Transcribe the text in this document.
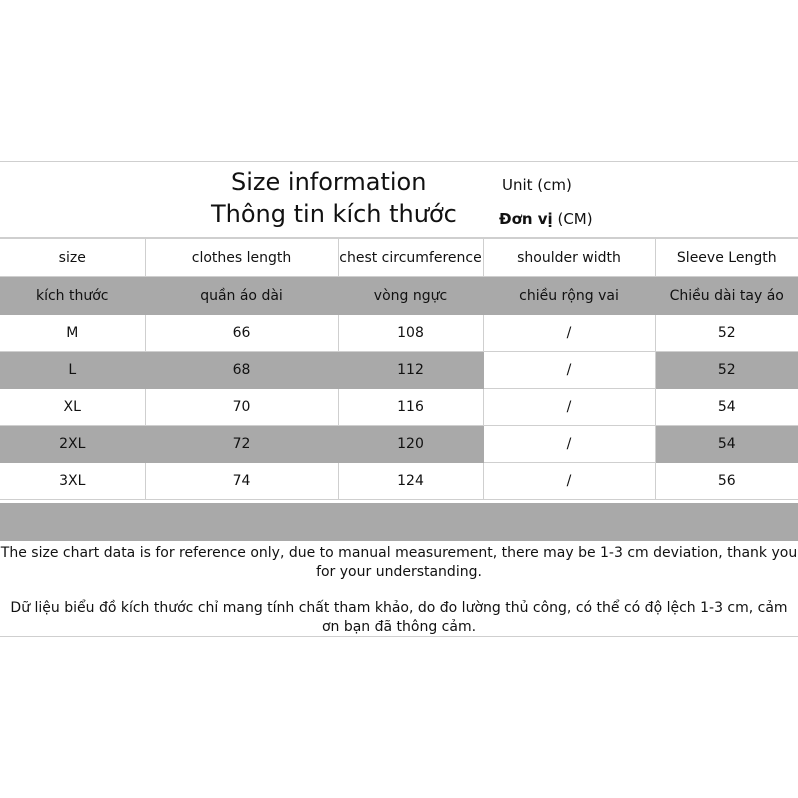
Size information
Thông tin kích thước
Unit (cm)
Đơn vị (CM)
size	clothes length	chest circumference	shoulder width	Sleeve Length
kích thước	quần áo dài	vòng ngực	chiều rộng vai	Chiều dài tay áo
M	66	108	/	52
L	68	112	/	52
XL	70	116	/	54
2XL	72	120	/	54
3XL	74	124	/	56

The size chart data is for reference only, due to manual measurement, there may be 1-3 cm deviation, thank you for your understanding.

Dữ liệu biểu đồ kích thước chỉ mang tính chất tham khảo, do đo lường thủ công, có thể có độ lệch 1-3 cm, cảm ơn bạn đã thông cảm.
